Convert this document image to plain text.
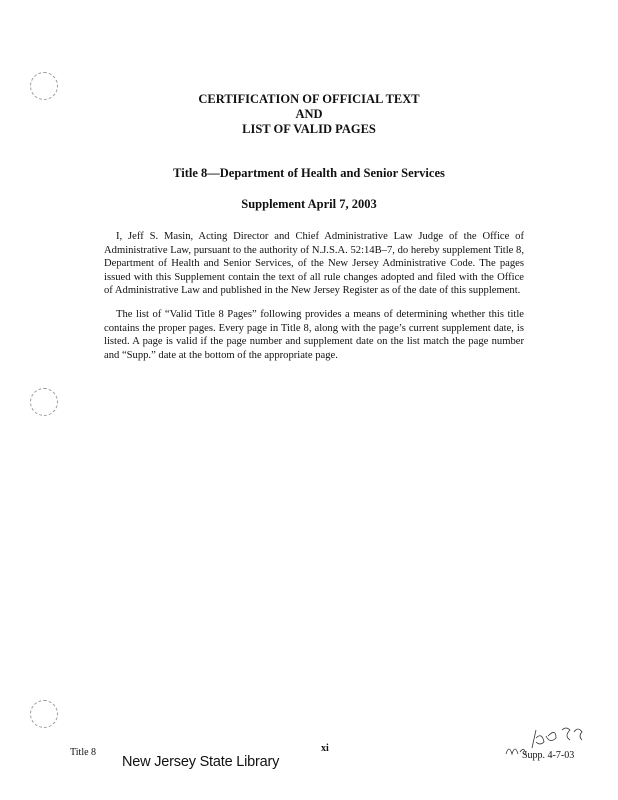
CERTIFICATION OF OFFICIAL TEXT
AND
LIST OF VALID PAGES
Title 8—Department of Health and Senior Services
Supplement April 7, 2003

I, Jeff S. Masin, Acting Director and Chief Administrative Law Judge of the Office of Administrative Law, pursuant to the authority of N.J.S.A. 52:14B–7, do hereby supplement Title 8, Department of Health and Senior Services, of the New Jersey Administrative Code. The pages issued with this Supplement contain the text of all rule changes adopted and filed with the Office of Administrative Law and published in the New Jersey Register as of the date of this supplement.

The list of “Valid Title 8 Pages” following provides a means of determining whether this title contains the proper pages. Every page in Title 8, along with the page’s current supplement date, is listed. A page is valid if the page number and supplement date on the list match the page number and “Supp.” date at the bottom of the appropriate page.

Title 8
New Jersey State Library
xi
Supp. 4-7-03
